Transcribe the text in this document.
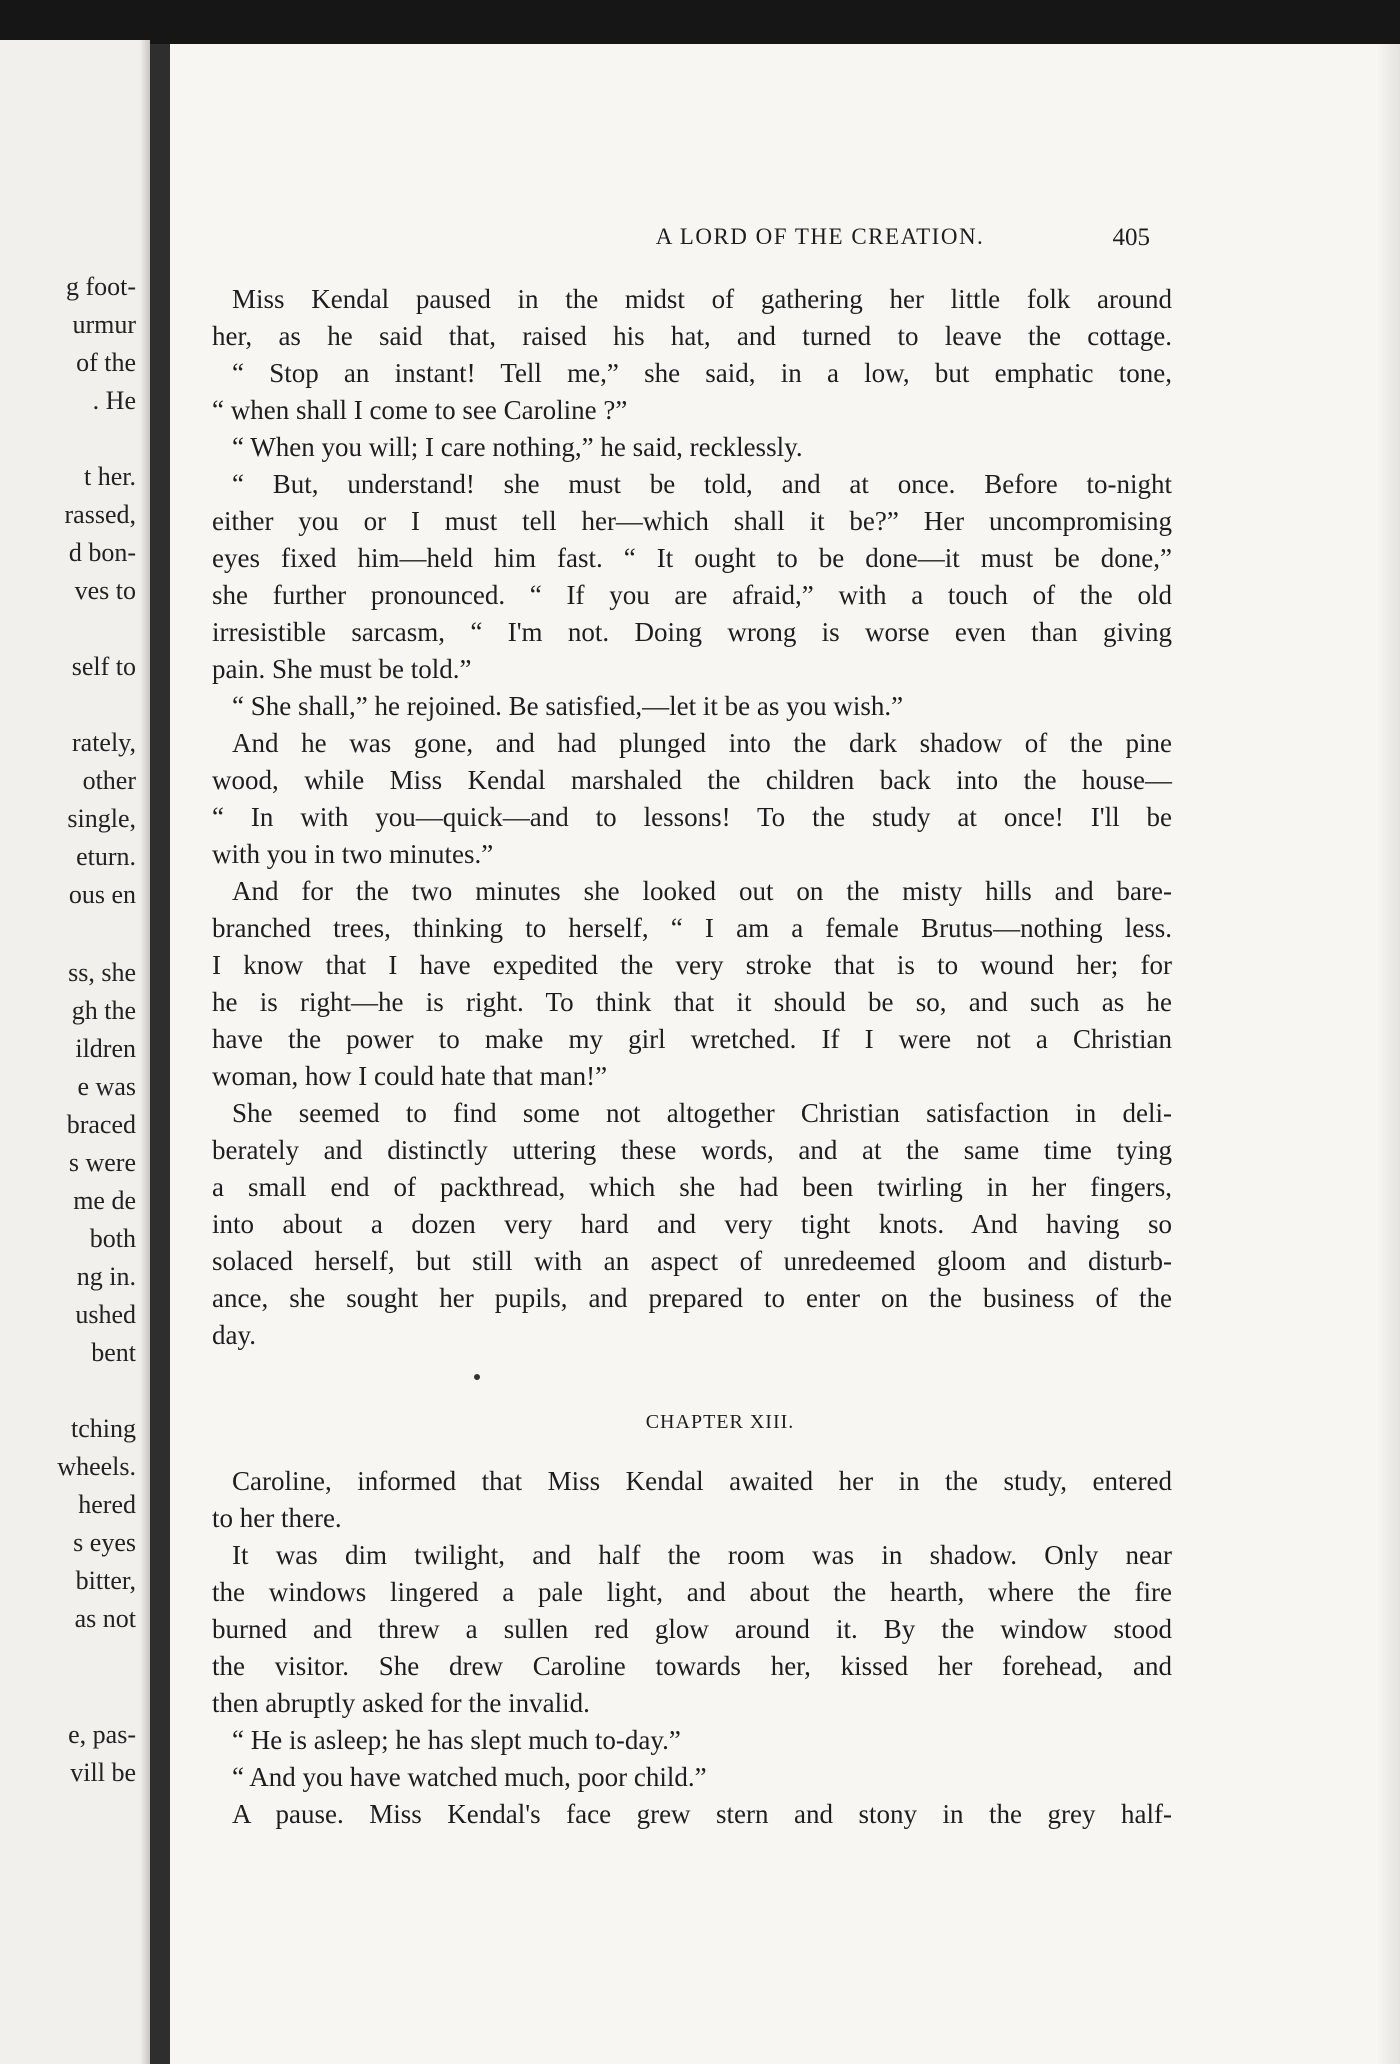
g foot-
urmur
of the
. He
t her.
rassed,
d bon-
ves to
self to
rately,
other
single,
eturn.
ous en
ss, she
gh the
ildren
e was
braced
s were
me de
both
ng in.
ushed
bent
tching
wheels.
hered
s eyes
bitter,
as not
e, pas-
vill be
A LORD OF THE CREATION.	405
Miss Kendal paused in the midst of gathering her little folk around
her, as he said that, raised his hat, and turned to leave the cottage.
“ Stop an instant! Tell me,” she said, in a low, but emphatic tone,
“ when shall I come to see Caroline ?”
“ When you will; I care nothing,” he said, recklessly.
“ But, understand! she must be told, and at once. Before to-night
either you or I must tell her—which shall it be?” Her uncompromising
eyes fixed him—held him fast. “ It ought to be done—it must be done,”
she further pronounced. “ If you are afraid,” with a touch of the old
irresistible sarcasm, “ I'm not. Doing wrong is worse even than giving
pain. She must be told.”
“ She shall,” he rejoined. Be satisfied,—let it be as you wish.”
And he was gone, and had plunged into the dark shadow of the pine
wood, while Miss Kendal marshaled the children back into the house—
“ In with you—quick—and to lessons! To the study at once! I'll be
with you in two minutes.”
And for the two minutes she looked out on the misty hills and bare-
branched trees, thinking to herself, “ I am a female Brutus—nothing less.
I know that I have expedited the very stroke that is to wound her; for
he is right—he is right. To think that it should be so, and such as he
have the power to make my girl wretched. If I were not a Christian
woman, how I could hate that man!”
She seemed to find some not altogether Christian satisfaction in deli-
berately and distinctly uttering these words, and at the same time tying
a small end of packthread, which she had been twirling in her fingers,
into about a dozen very hard and very tight knots. And having so
solaced herself, but still with an aspect of unredeemed gloom and disturb-
ance, she sought her pupils, and prepared to enter on the business of the
day.
CHAPTER XIII.
Caroline, informed that Miss Kendal awaited her in the study, entered
to her there.
It was dim twilight, and half the room was in shadow. Only near
the windows lingered a pale light, and about the hearth, where the fire
burned and threw a sullen red glow around it. By the window stood
the visitor. She drew Caroline towards her, kissed her forehead, and
then abruptly asked for the invalid.
“ He is asleep; he has slept much to-day.”
“ And you have watched much, poor child.”
A pause. Miss Kendal's face grew stern and stony in the grey half-
